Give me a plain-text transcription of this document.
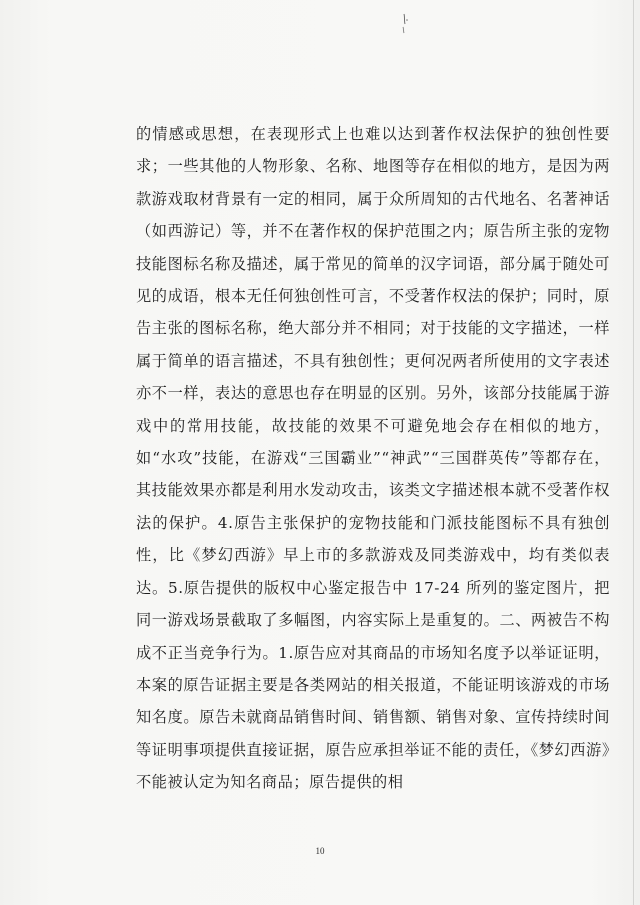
的情感或思想，在表现形式上也难以达到著作权法保护的独创性要求；一些其他的人物形象、名称、地图等存在相似的地方，是因为两款游戏取材背景有一定的相同，属于众所周知的古代地名、名著神话（如西游记）等，并不在著作权的保护范围之内；原告所主张的宠物技能图标名称及描述，属于常见的简单的汉字词语，部分属于随处可见的成语，根本无任何独创性可言，不受著作权法的保护；同时，原告主张的图标名称，绝大部分并不相同；对于技能的文字描述，一样属于简单的语言描述，不具有独创性；更何况两者所使用的文字表述亦不一样，表达的意思也存在明显的区别。另外，该部分技能属于游戏中的常用技能，故技能的效果不可避免地会存在相似的地方，如“水攻”技能，在游戏“三国霸业”“神武”“三国群英传”等都存在，其技能效果亦都是利用水发动攻击，该类文字描述根本就不受著作权法的保护。4.原告主张保护的宠物技能和门派技能图标不具有独创性，比《梦幻西游》早上市的多款游戏及同类游戏中，均有类似表达。5.原告提供的版权中心鉴定报告中 17-24 所列的鉴定图片，把同一游戏场景截取了多幅图，内容实际上是重复的。二、两被告不构成不正当竞争行为。1.原告应对其商品的市场知名度予以举证证明，本案的原告证据主要是各类网站的相关报道，不能证明该游戏的市场知名度。原告未就商品销售时间、销售额、销售对象、宣传持续时间等证明事项提供直接证据，原告应承担举证不能的责任，《梦幻西游》不能被认定为知名商品；原告提供的相
10
